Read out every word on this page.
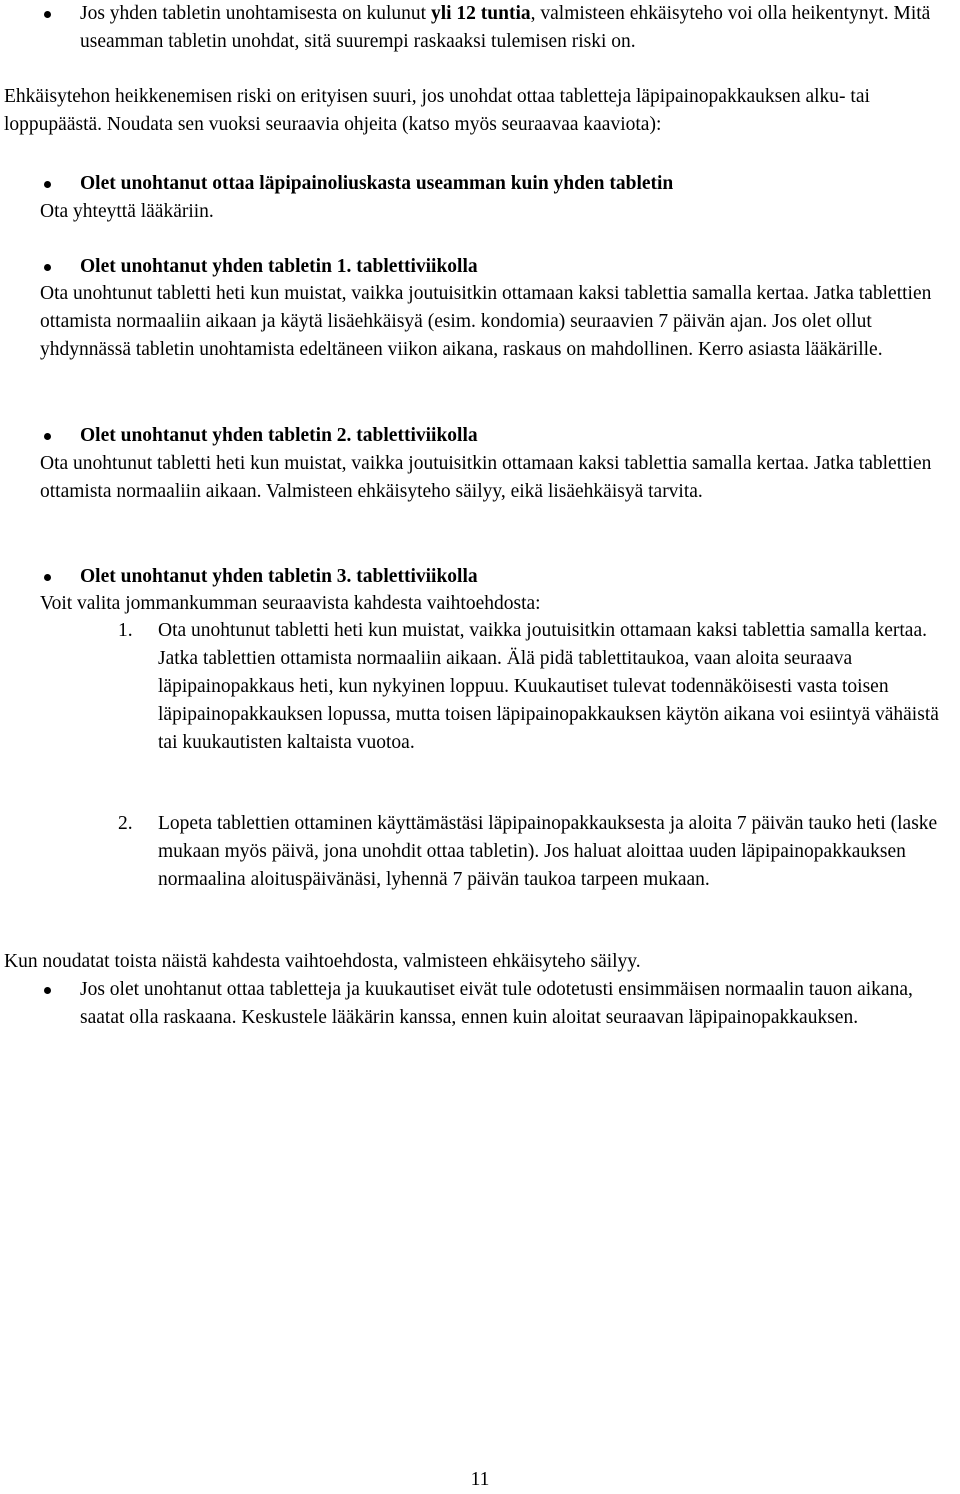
Jos yhden tabletin unohtamisesta on kulunut yli 12 tuntia, valmisteen ehkäisyteho voi olla heikentynyt. Mitä useamman tabletin unohdat, sitä suurempi raskaaksi tulemisen riski on.

Ehkäisytehon heikkenemisen riski on erityisen suuri, jos unohdat ottaa tabletteja läpipainopakkauksen alku- tai loppupäästä. Noudata sen vuoksi seuraavia ohjeita (katso myös seuraavaa kaaviota):

Olet unohtanut ottaa läpipainoliuskasta useamman kuin yhden tabletin

Ota yhteyttä lääkäriin.

Olet unohtanut yhden tabletin 1. tablettiviikolla

Ota unohtunut tabletti heti kun muistat, vaikka joutuisitkin ottamaan kaksi tablettia samalla kertaa. Jatka tablettien ottamista normaaliin aikaan ja käytä lisäehkäisyä (esim. kondomia) seuraavien 7 päivän ajan. Jos olet ollut yhdynnässä tabletin unohtamista edeltäneen viikon aikana, raskaus on mahdollinen. Kerro asiasta lääkärille.

Olet unohtanut yhden tabletin 2. tablettiviikolla

Ota unohtunut tabletti heti kun muistat, vaikka joutuisitkin ottamaan kaksi tablettia samalla kertaa. Jatka tablettien ottamista normaaliin aikaan. Valmisteen ehkäisyteho säilyy, eikä lisäehkäisyä tarvita.

Olet unohtanut yhden tabletin 3. tablettiviikolla

Voit valita jommankumman seuraavista kahdesta vaihtoehdosta:

1. Ota unohtunut tabletti heti kun muistat, vaikka joutuisitkin ottamaan kaksi tablettia samalla kertaa. Jatka tablettien ottamista normaaliin aikaan. Älä pidä tablettitaukoa, vaan aloita seuraava läpipainopakkaus heti, kun nykyinen loppuu. Kuukautiset tulevat todennäköisesti vasta toisen läpipainopakkauksen lopussa, mutta toisen läpipainopakkauksen käytön aikana voi esiintyä vähäistä tai kuukautisten kaltaista vuotoa.

2. Lopeta tablettien ottaminen käyttämästäsi läpipainopakkauksesta ja aloita 7 päivän tauko heti (laske mukaan myös päivä, jona unohdit ottaa tabletin). Jos haluat aloittaa uuden läpipainopakkauksen normaalina aloituspäivänäsi, lyhennä 7 päivän taukoa tarpeen mukaan.

Kun noudatat toista näistä kahdesta vaihtoehdosta, valmisteen ehkäisyteho säilyy.

Jos olet unohtanut ottaa tabletteja ja kuukautiset eivät tule odotetusti ensimmäisen normaalin tauon aikana, saatat olla raskaana. Keskustele lääkärin kanssa, ennen kuin aloitat seuraavan läpipainopakkauksen.

11
